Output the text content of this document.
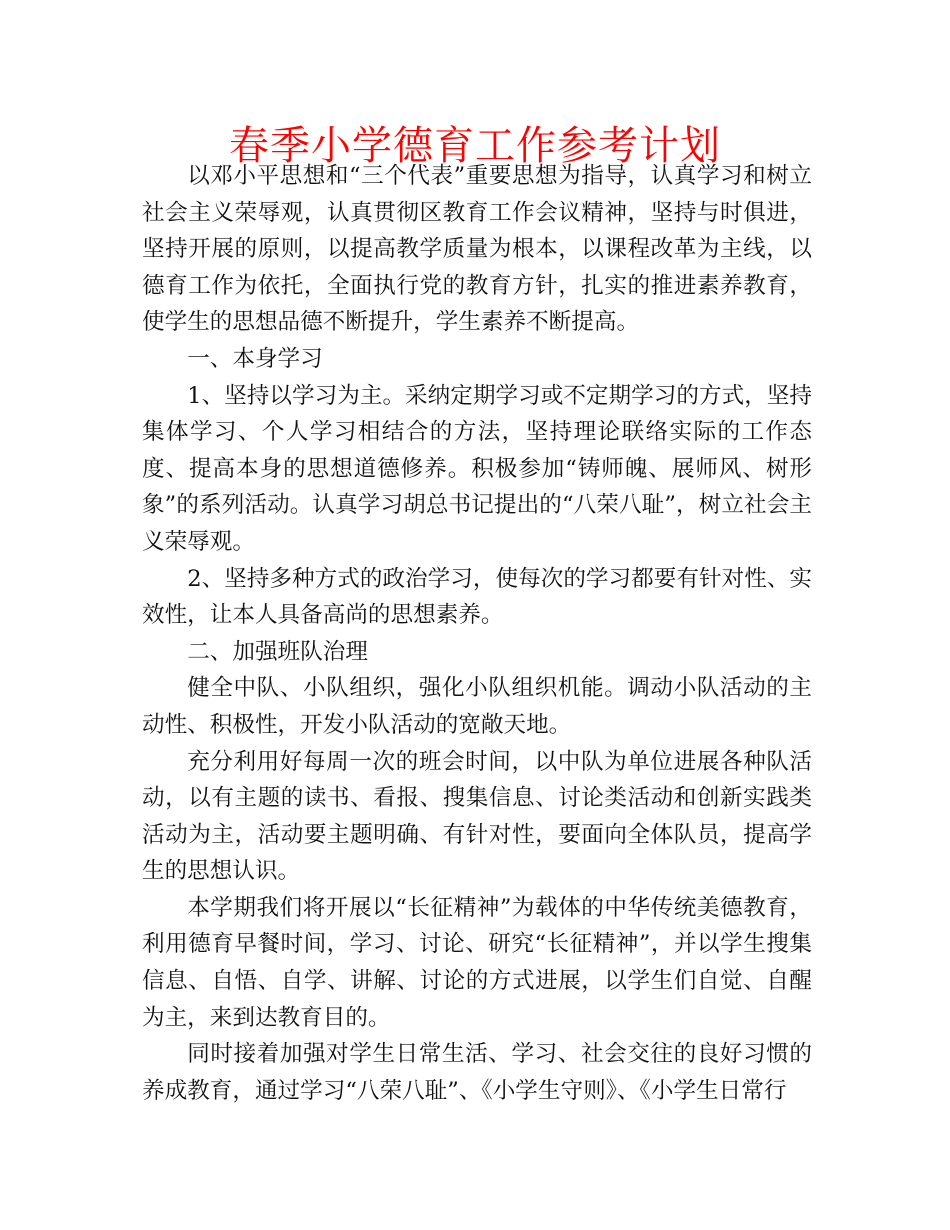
春季小学德育工作参考计划

以邓小平思想和“三个代表”重要思想为指导，认真学习和树立社会主义荣辱观，认真贯彻区教育工作会议精神，坚持与时俱进，坚持开展的原则，以提高教学质量为根本，以课程改革为主线，以德育工作为依托，全面执行党的教育方针，扎实的推进素养教育，使学生的思想品德不断提升，学生素养不断提高。

一、本身学习

1、坚持以学习为主。采纳定期学习或不定期学习的方式，坚持集体学习、个人学习相结合的方法，坚持理论联络实际的工作态度、提高本身的思想道德修养。积极参加“铸师魄、展师风、树形象”的系列活动。认真学习胡总书记提出的“八荣八耻”，树立社会主义荣辱观。

2、坚持多种方式的政治学习，使每次的学习都要有针对性、实效性，让本人具备高尚的思想素养。

二、加强班队治理

健全中队、小队组织，强化小队组织机能。调动小队活动的主动性、积极性，开发小队活动的宽敞天地。

充分利用好每周一次的班会时间，以中队为单位进展各种队活动，以有主题的读书、看报、搜集信息、讨论类活动和创新实践类活动为主，活动要主题明确、有针对性，要面向全体队员，提高学生的思想认识。

本学期我们将开展以“长征精神”为载体的中华传统美德教育，利用德育早餐时间，学习、讨论、研究“长征精神”，并以学生搜集信息、自悟、自学、讲解、讨论的方式进展，以学生们自觉、自醒为主，来到达教育目的。

同时接着加强对学生日常生活、学习、社会交往的良好习惯的养成教育，通过学习“八荣八耻”、《小学生守则》、《小学生日常行
